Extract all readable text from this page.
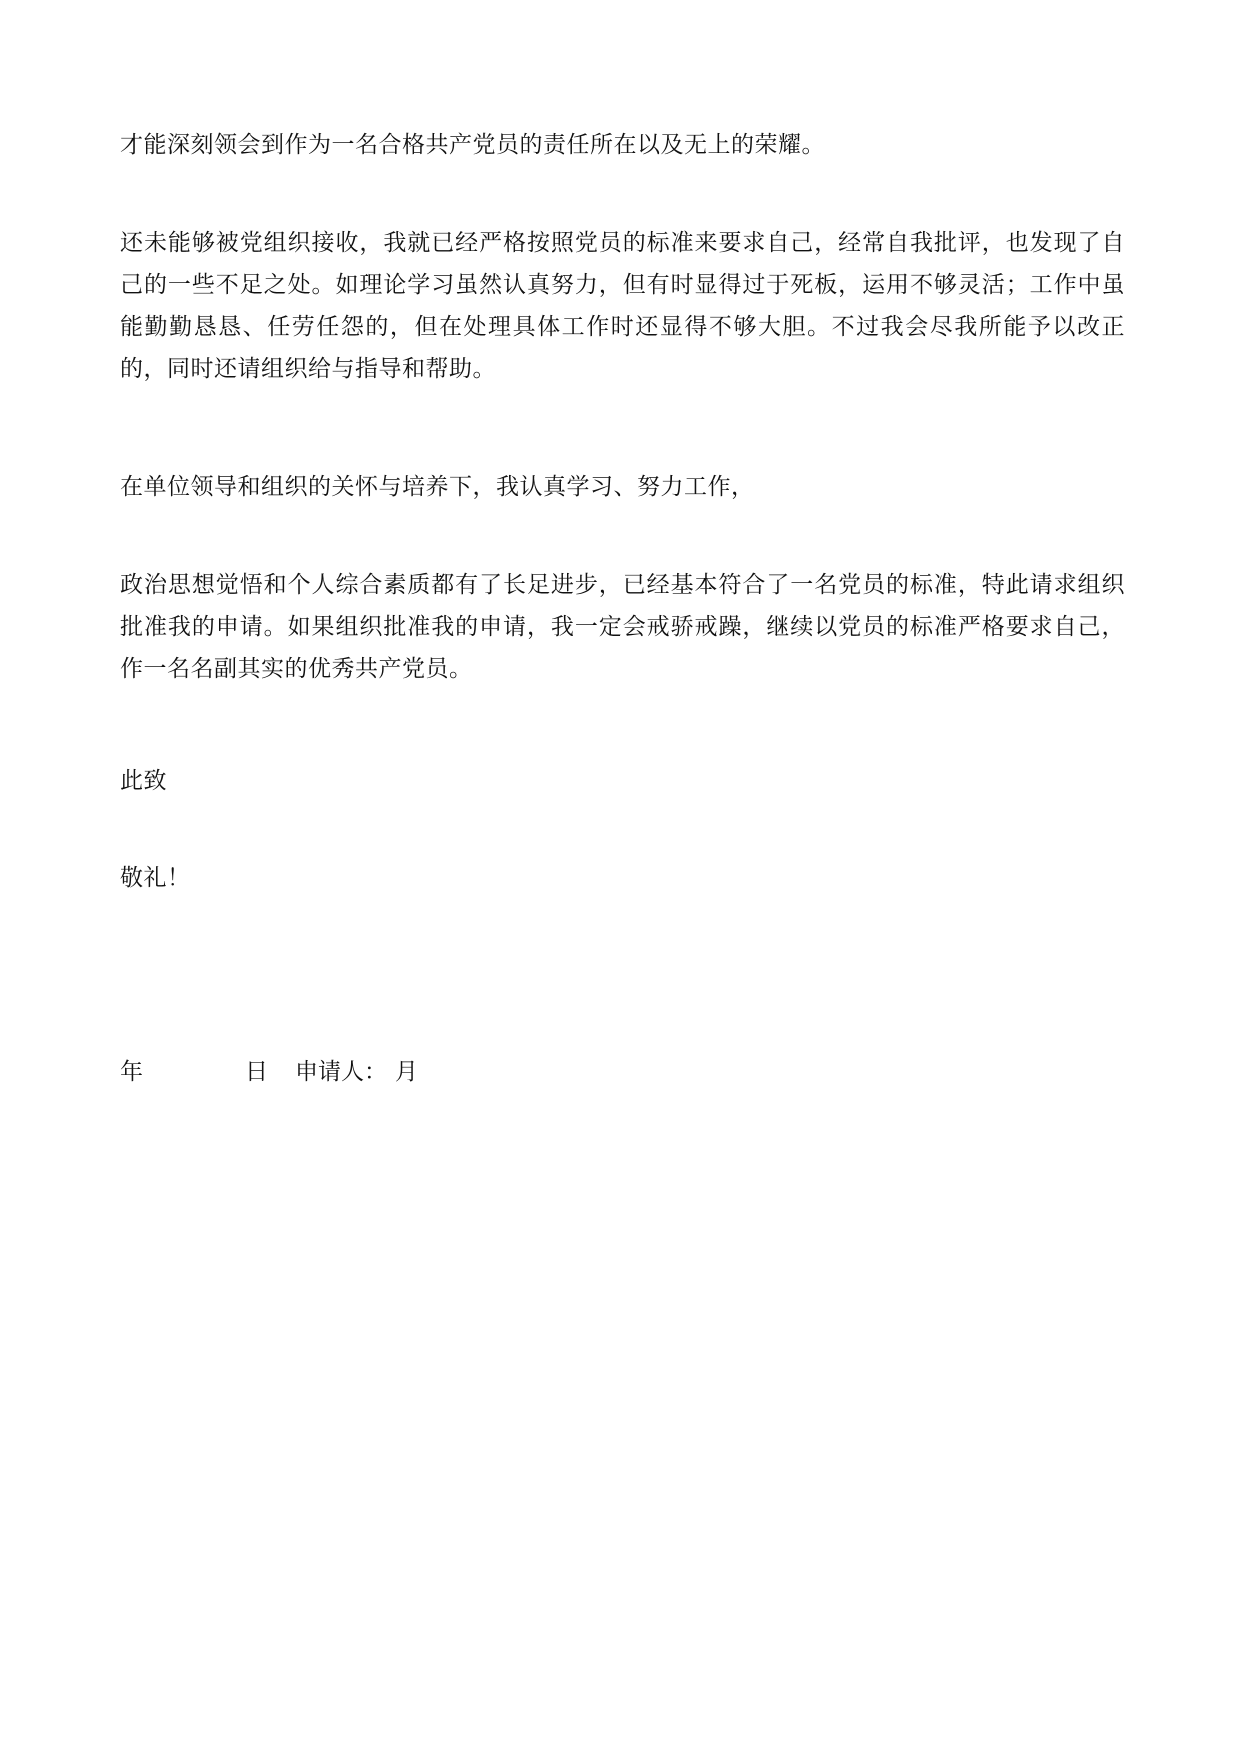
才能深刻领会到作为一名合格共产党员的责任所在以及无上的荣耀。

还未能够被党组织接收，我就已经严格按照党员的标准来要求自己，经常自我批评，也发现了自己的一些不足之处。如理论学习虽然认真努力，但有时显得过于死板，运用不够灵活；工作中虽能勤勤恳恳、任劳任怨的，但在处理具体工作时还显得不够大胆。不过我会尽我所能予以改正的，同时还请组织给与指导和帮助。

在单位领导和组织的关怀与培养下，我认真学习、努力工作，

政治思想觉悟和个人综合素质都有了长足进步，已经基本符合了一名党员的标准，特此请求组织批准我的申请。如果组织批准我的申请，我一定会戒骄戒躁，继续以党员的标准严格要求自己，作一名名副其实的优秀共产党员。

此致

敬礼！

年	日 申请人： 月
